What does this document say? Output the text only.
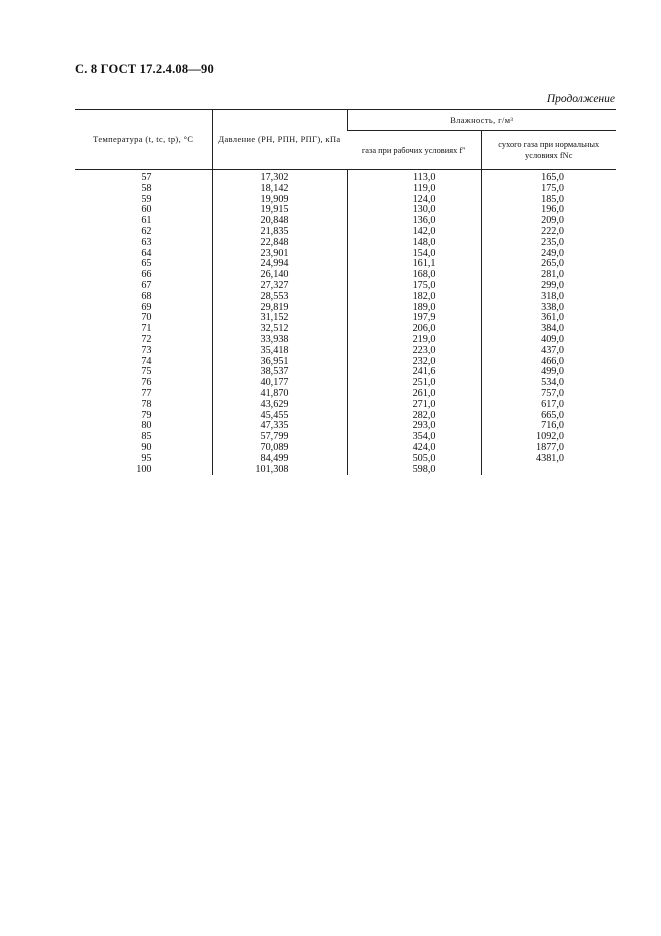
С. 8 ГОСТ 17.2.4.08—90
Продолжение
Температура (t, tс, tр), °С	Давление (PН, PПН, PПГ), кПа	Влажность, г/м³	
		газа при рабочих условиях f″	сухого газа при нормальных условиях fNс
57	17,302	113,0	165,0
58	18,142	119,0	175,0
59	19,909	124,0	185,0
60	19,915	130,0	196,0
61	20,848	136,0	209,0
62	21,835	142,0	222,0
63	22,848	148,0	235,0
64	23,901	154,0	249,0
65	24,994	161,1	265,0
66	26,140	168,0	281,0
67	27,327	175,0	299,0
68	28,553	182,0	318,0
69	29,819	189,0	338,0
70	31,152	197,9	361,0
71	32,512	206,0	384,0
72	33,938	219,0	409,0
73	35,418	223,0	437,0
74	36,951	232,0	466,0
75	38,537	241,6	499,0
76	40,177	251,0	534,0
77	41,870	261,0	757,0
78	43,629	271,0	617,0
79	45,455	282,0	665,0
80	47,335	293,0	716,0
85	57,799	354,0	1092,0
90	70,089	424,0	1877,0
95	84,499	505,0	4381,0
100	101,308	598,0	
